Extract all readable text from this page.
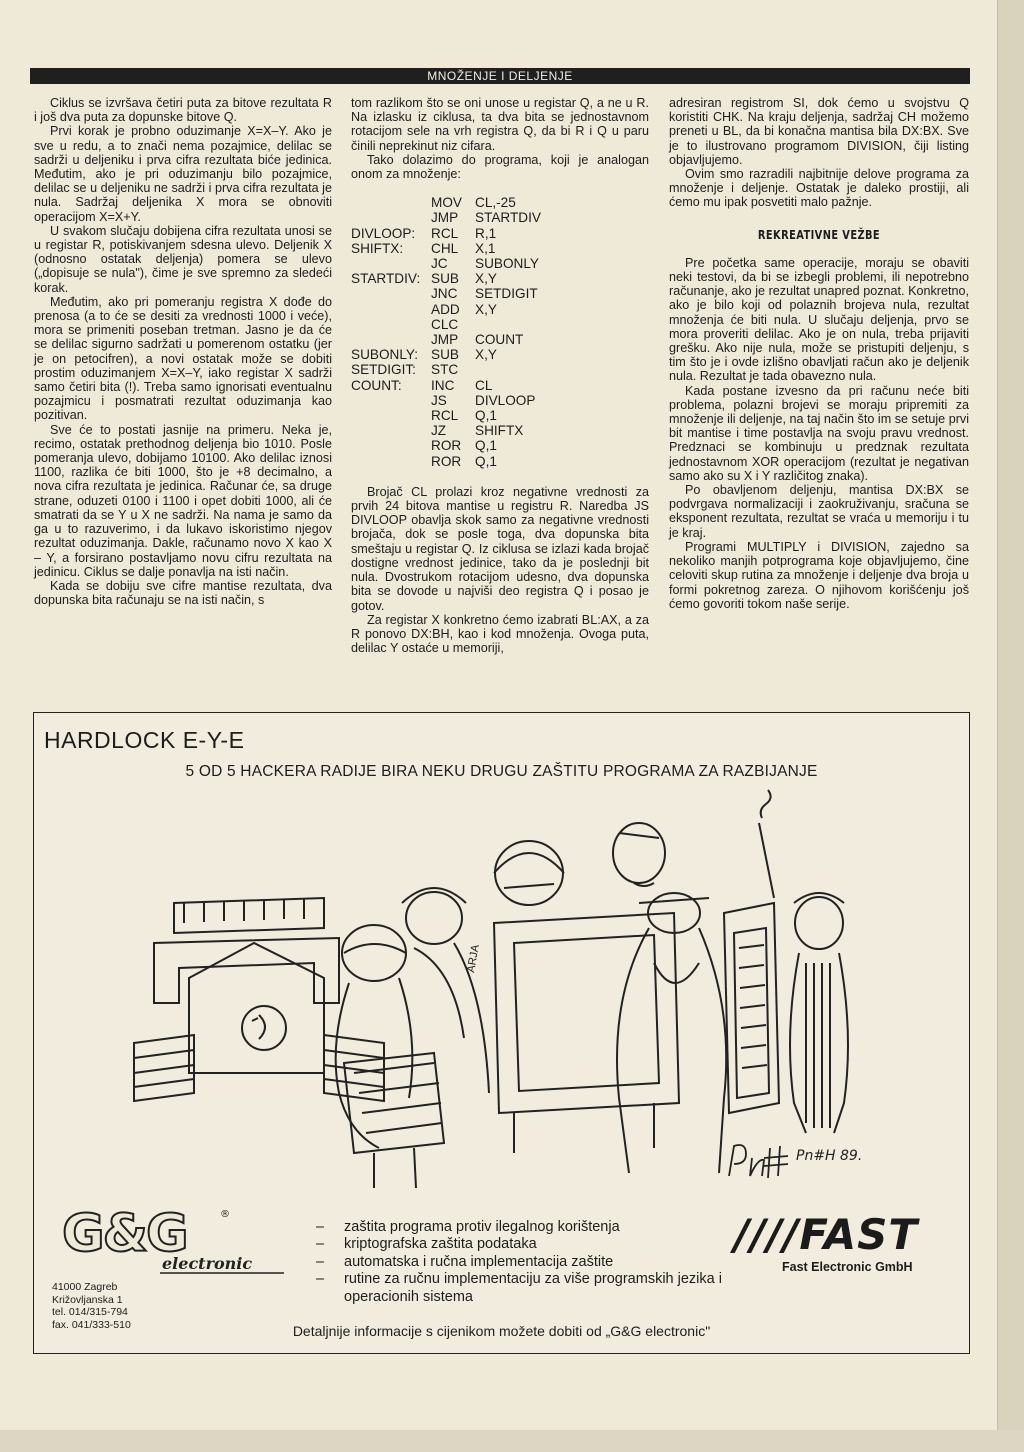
MNOŽENJE I DELJENJE

Ciklus se izvršava četiri puta za bitove rezultata R i još dva puta za dopunske bitove Q.

Prvi korak je probno oduzimanje X=X–Y. Ako je sve u redu, a to znači nema pozajmice, delilac se sadrži u deljeniku i prva cifra rezultata biće jedinica. Međutim, ako je pri oduzimanju bilo pozajmice, delilac se u deljeniku ne sadrži i prva cifra rezultata je nula. Sadržaj deljenika X mora se obnoviti operacijom X=X+Y.

U svakom slučaju dobijena cifra rezultata unosi se u registar R, potiskivanjem sdesna ulevo. Deljenik X (odnosno ostatak deljenja) pomera se ulevo („dopisuje se nula"), čime je sve spremno za sledeći korak.

Međutim, ako pri pomeranju registra X dođe do prenosa (a to će se desiti za vrednosti 1000 i veće), mora se primeniti poseban tretman. Jasno je da će se delilac sigurno sadržati u pomerenom ostatku (jer je on petocifren), a novi ostatak može se dobiti prostim oduzimanjem X=X–Y, iako registar X sadrži samo četiri bita (!). Treba samo ignorisati eventualnu pozajmicu i posmatrati rezultat oduzimanja kao pozitivan.

Sve će to postati jasnije na primeru. Neka je, recimo, ostatak prethodnog deljenja bio 1010. Posle pomeranja ulevo, dobijamo 10100. Ako delilac iznosi 1100, razlika će biti 1000, što je +8 decimalno, a nova cifra rezultata je jedinica. Računar će, sa druge strane, oduzeti 0100 i 1100 i opet dobiti 1000, ali će smatrati da se Y u X ne sadrži. Na nama je samo da ga u to razuverimo, i da lukavo iskoristimo njegov rezultat oduzimanja. Dakle, računamo novo X kao X – Y, a forsirano postavljamo novu cifru rezultata na jedinicu. Ciklus se dalje ponavlja na isti način.

Kada se dobiju sve cifre mantise rezultata, dva dopunska bita računaju se na isti način, s

tom razlikom što se oni unose u registar Q, a ne u R. Na izlasku iz ciklusa, ta dva bita se jednostavnom rotacijom sele na vrh registra Q, da bi R i Q u paru činili neprekinut niz cifara.

Tako dolazimo do programa, koji je analogan onom za množenje:

MOV CL,-25
JMP	STARTDIV
DIVLOOP:	RCL	R,1
SHIFTX:	CHL	X,1
JC	SUBONLY
STARTDIV: SUB	X,Y
JNC	SETDIGIT
ADD	X,Y
CLC
JMP	COUNT
SUBONLY: SUB	X,Y
SETDIGIT:	STC
COUNT:	INC	CL
JS	DIVLOOP
RCL	Q,1
JZ	SHIFTX
ROR	Q,1
ROR	Q,1

Brojač CL prolazi kroz negativne vrednosti za prvih 24 bitova mantise u registru R. Naredba JS DIVLOOP obavlja skok samo za negativne vrednosti brojača, dok se posle toga, dva dopunska bita smeštaju u registar Q. Iz ciklusa se izlazi kada brojač dostigne vrednost jedinice, tako da je poslednji bit nula. Dvostrukom rotacijom udesno, dva dopunska bita se dovode u najviši deo registra Q i posao je gotov.

Za registar X konkretno ćemo izabrati BL:AX, a za R ponovo DX:BH, kao i kod množenja. Ovoga puta, delilac Y ostaće u memoriji,

adresiran registrom SI, dok ćemo u svojstvu Q koristiti CHK. Na kraju deljenja, sadržaj CH možemo preneti u BL, da bi konačna mantisa bila DX:BX. Sve je to ilustrovano programom DIVISION, čiji listing objavljujemo.

Ovim smo razradili najbitnije delove programa za množenje i deljenje. Ostatak je daleko prostiji, ali ćemo mu ipak posvetiti malo pažnje.

REKREATIVNE VEŽBE

Pre početka same operacije, moraju se obaviti neki testovi, da bi se izbegli problemi, ili nepotrebno računanje, ako je rezultat unapred poznat. Konkretno, ako je bilo koji od polaznih brojeva nula, rezultat množenja će biti nula. U slučaju deljenja, prvo se mora proveriti delilac. Ako je on nula, treba prijaviti grešku. Ako nije nula, može se pristupiti deljenju, s tim što je i ovde izlišno obavljati račun ako je deljenik nula. Rezultat je tada obavezno nula.

Kada postane izvesno da pri računu neće biti problema, polazni brojevi se moraju pripremiti za množenje ili deljenje, na taj način što im se setuje prvi bit mantise i time postavlja na svoju pravu vrednost. Predznaci se kombinuju u predznak rezultata jednostavnom XOR operacijom (rezultat je negativan samo ako su X i Y različitog znaka).

Po obavljenom deljenju, mantisa DX:BX se podvrgava normalizaciji i zaokruživanju, sračuna se eksponent rezultata, rezultat se vraća u memoriju i tu je kraj.

Programi MULTIPLY i DIVISION, zajedno sa nekoliko manjih potprograma koje objavljujemo, čine celoviti skup rutina za množenje i deljenje dva broja u formi pokretnog zareza. O njihovom korišćenju još ćemo govoriti tokom naše serije.

HARDLOCK E-Y-E
5 OD 5 HACKERA RADIJE BIRA NEKU DRUGU ZAŠTITU PROGRAMA ZA RAZBIJANJE
ARJA
Pn#H 89.
G&G	®
electronic
41000 Zagreb
Križovljanska 1
tel. 014/315-794
fax. 041/333-510
–	zaštita programa protiv ilegalnog korištenja
–	kriptografska zaštita podataka
–	automatska i ručna implementacija zaštite
–	rutine za ručnu implementaciju za više programskih jezika i operacionih sistema
////FAST
Fast Electronic GmbH
Detaljnije informacije s cijenikom možete dobiti od „G&G electronic"
